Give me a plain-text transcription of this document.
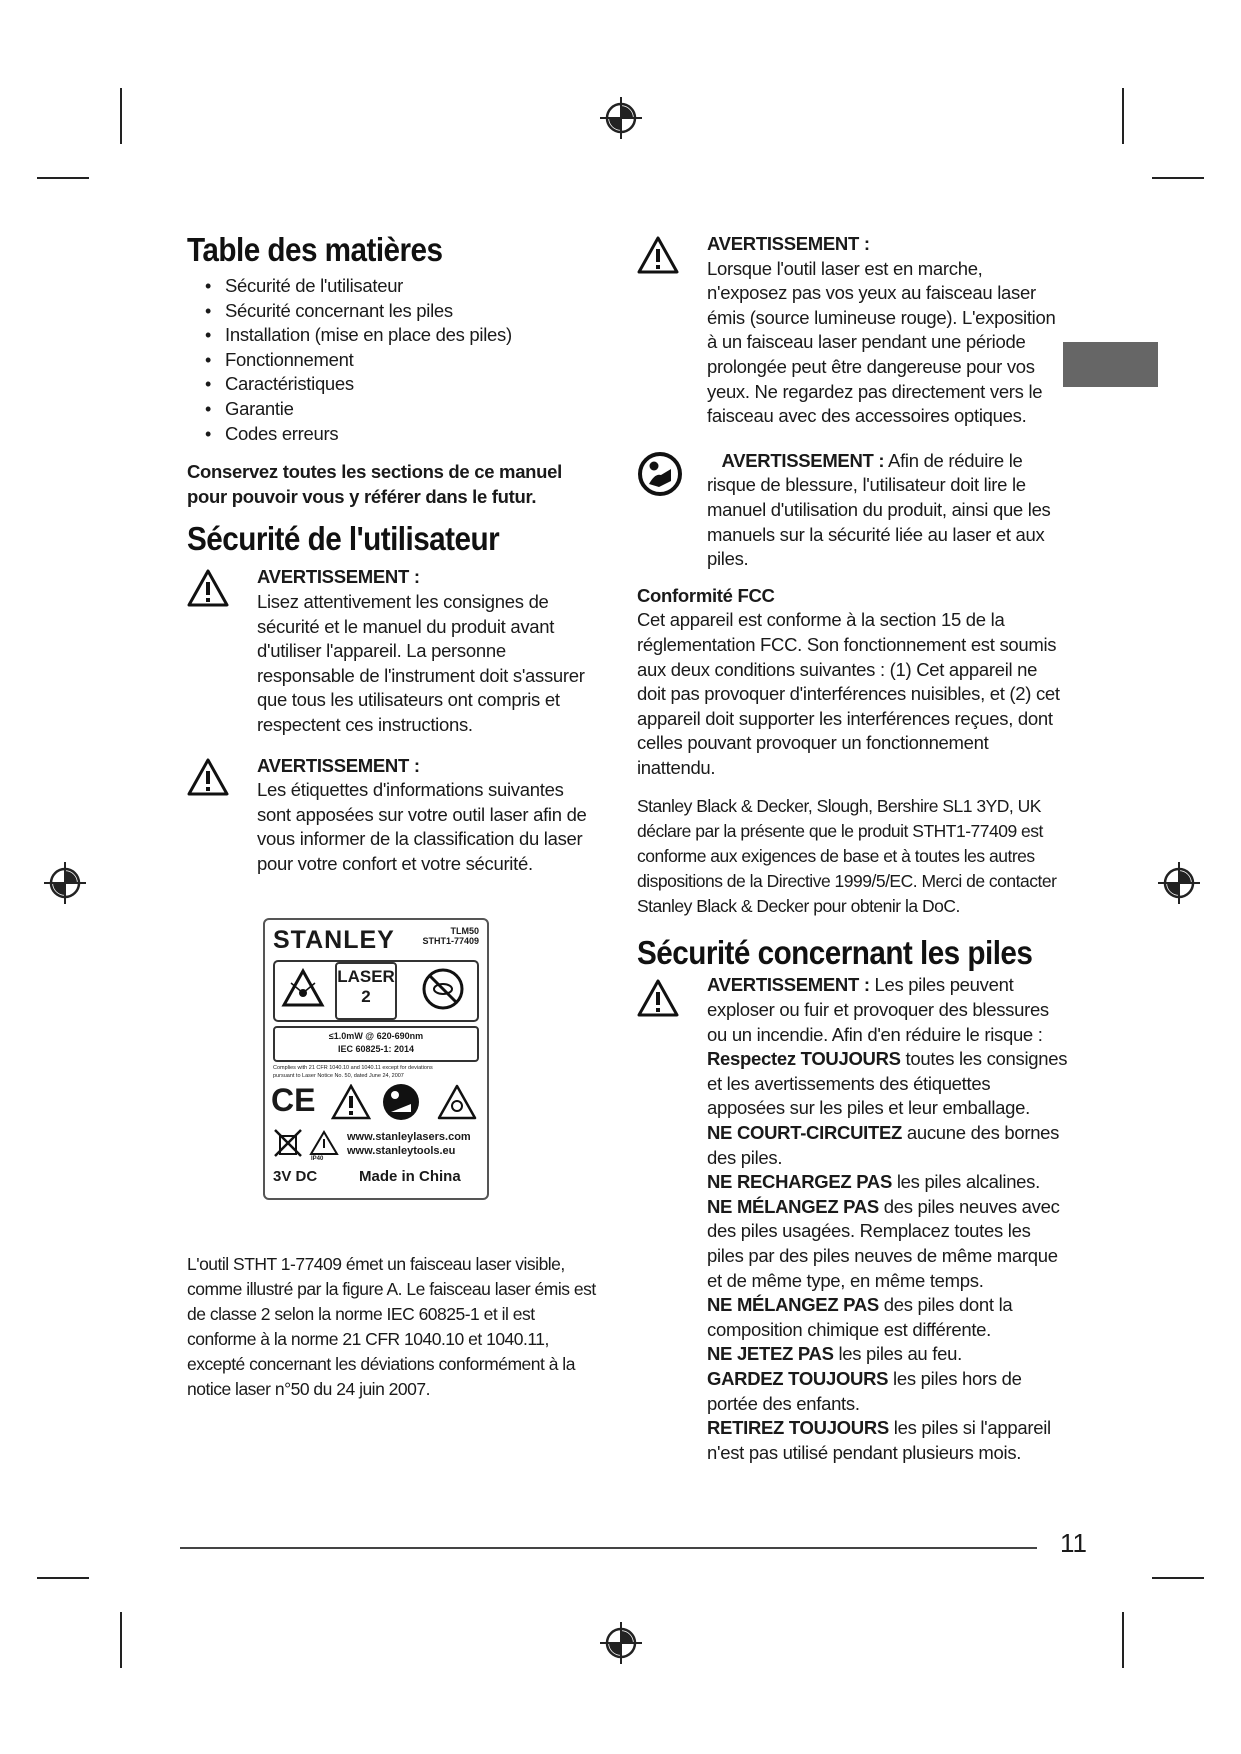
Table des matières
• Sécurité de l'utilisateur
• Sécurité concernant les piles
• Installation (mise en place des piles)
• Fonctionnement
• Caractéristiques
• Garantie
• Codes erreurs
Conservez toutes les sections de ce manuel pour pouvoir vous y référer dans le futur.
Sécurité de l'utilisateur
AVERTISSEMENT :
Lisez attentivement les consignes de sécurité et le manuel du produit avant d'utiliser l'appareil. La personne responsable de l'instrument doit s'assurer que tous les utilisateurs ont compris et respectent ces instructions.
AVERTISSEMENT :
Les étiquettes d'informations suivantes sont apposées sur votre outil laser afin de vous informer de la classification du laser pour votre confort et votre sécurité.
STANLEY	TLM50
STHT1-77409
LASER
2
≤1.0mW @ 620-690nm
IEC 60825-1: 2014
Complies with 21 CFR 1040.10 and 1040.11 except for deviations
pursuant to Laser Notice No. 50, dated June 24, 2007
CE
IP40
www.stanleylasers.com
www.stanleytools.eu
3V DC	Made in China
L'outil STHT 1-77409 émet un faisceau laser visible, comme illustré par la figure A. Le faisceau laser émis est de classe 2 selon la norme IEC 60825-1 et il est conforme à la norme 21 CFR 1040.10 et 1040.11, excepté concernant les déviations conformément à la notice laser n°50 du 24 juin 2007.
AVERTISSEMENT :
Lorsque l'outil laser est en marche, n'exposez pas vos yeux au faisceau laser émis (source lumineuse rouge). L'exposition à un faisceau laser pendant une période prolongée peut être dangereuse pour vos yeux. Ne regardez pas directement vers le faisceau avec des accessoires optiques.
AVERTISSEMENT : Afin de réduire le risque de blessure, l'utilisateur doit lire le manuel d'utilisation du produit, ainsi que les manuels sur la sécurité liée au laser et aux piles.
Conformité FCC
Cet appareil est conforme à la section 15 de la réglementation FCC. Son fonctionnement est soumis aux deux conditions suivantes : (1) Cet appareil ne doit pas provoquer d'interférences nuisibles, et (2) cet appareil doit supporter les interférences reçues, dont celles pouvant provoquer un fonctionnement inattendu.
Stanley Black & Decker, Slough, Bershire SL1 3YD, UK déclare par la présente que le produit STHT1-77409 est conforme aux exigences de base et à toutes les autres dispositions de la Directive 1999/5/EC. Merci de contacter Stanley Black & Decker pour obtenir la DoC.
Sécurité concernant les piles
AVERTISSEMENT : Les piles peuvent exploser ou fuir et provoquer des blessures ou un incendie. Afin d'en réduire le risque :
Respectez TOUJOURS toutes les consignes et les avertissements des étiquettes apposées sur les piles et leur emballage.
NE COURT-CIRCUITEZ aucune des bornes des piles.
NE RECHARGEZ PAS les piles alcalines.
NE MÉLANGEZ PAS des piles neuves avec des piles usagées. Remplacez toutes les piles par des piles neuves de même marque et de même type, en même temps.
NE MÉLANGEZ PAS des piles dont la composition chimique est différente.
NE JETEZ PAS les piles au feu.
GARDEZ TOUJOURS les piles hors de portée des enfants.
RETIREZ TOUJOURS les piles si l'appareil n'est pas utilisé pendant plusieurs mois.
11
